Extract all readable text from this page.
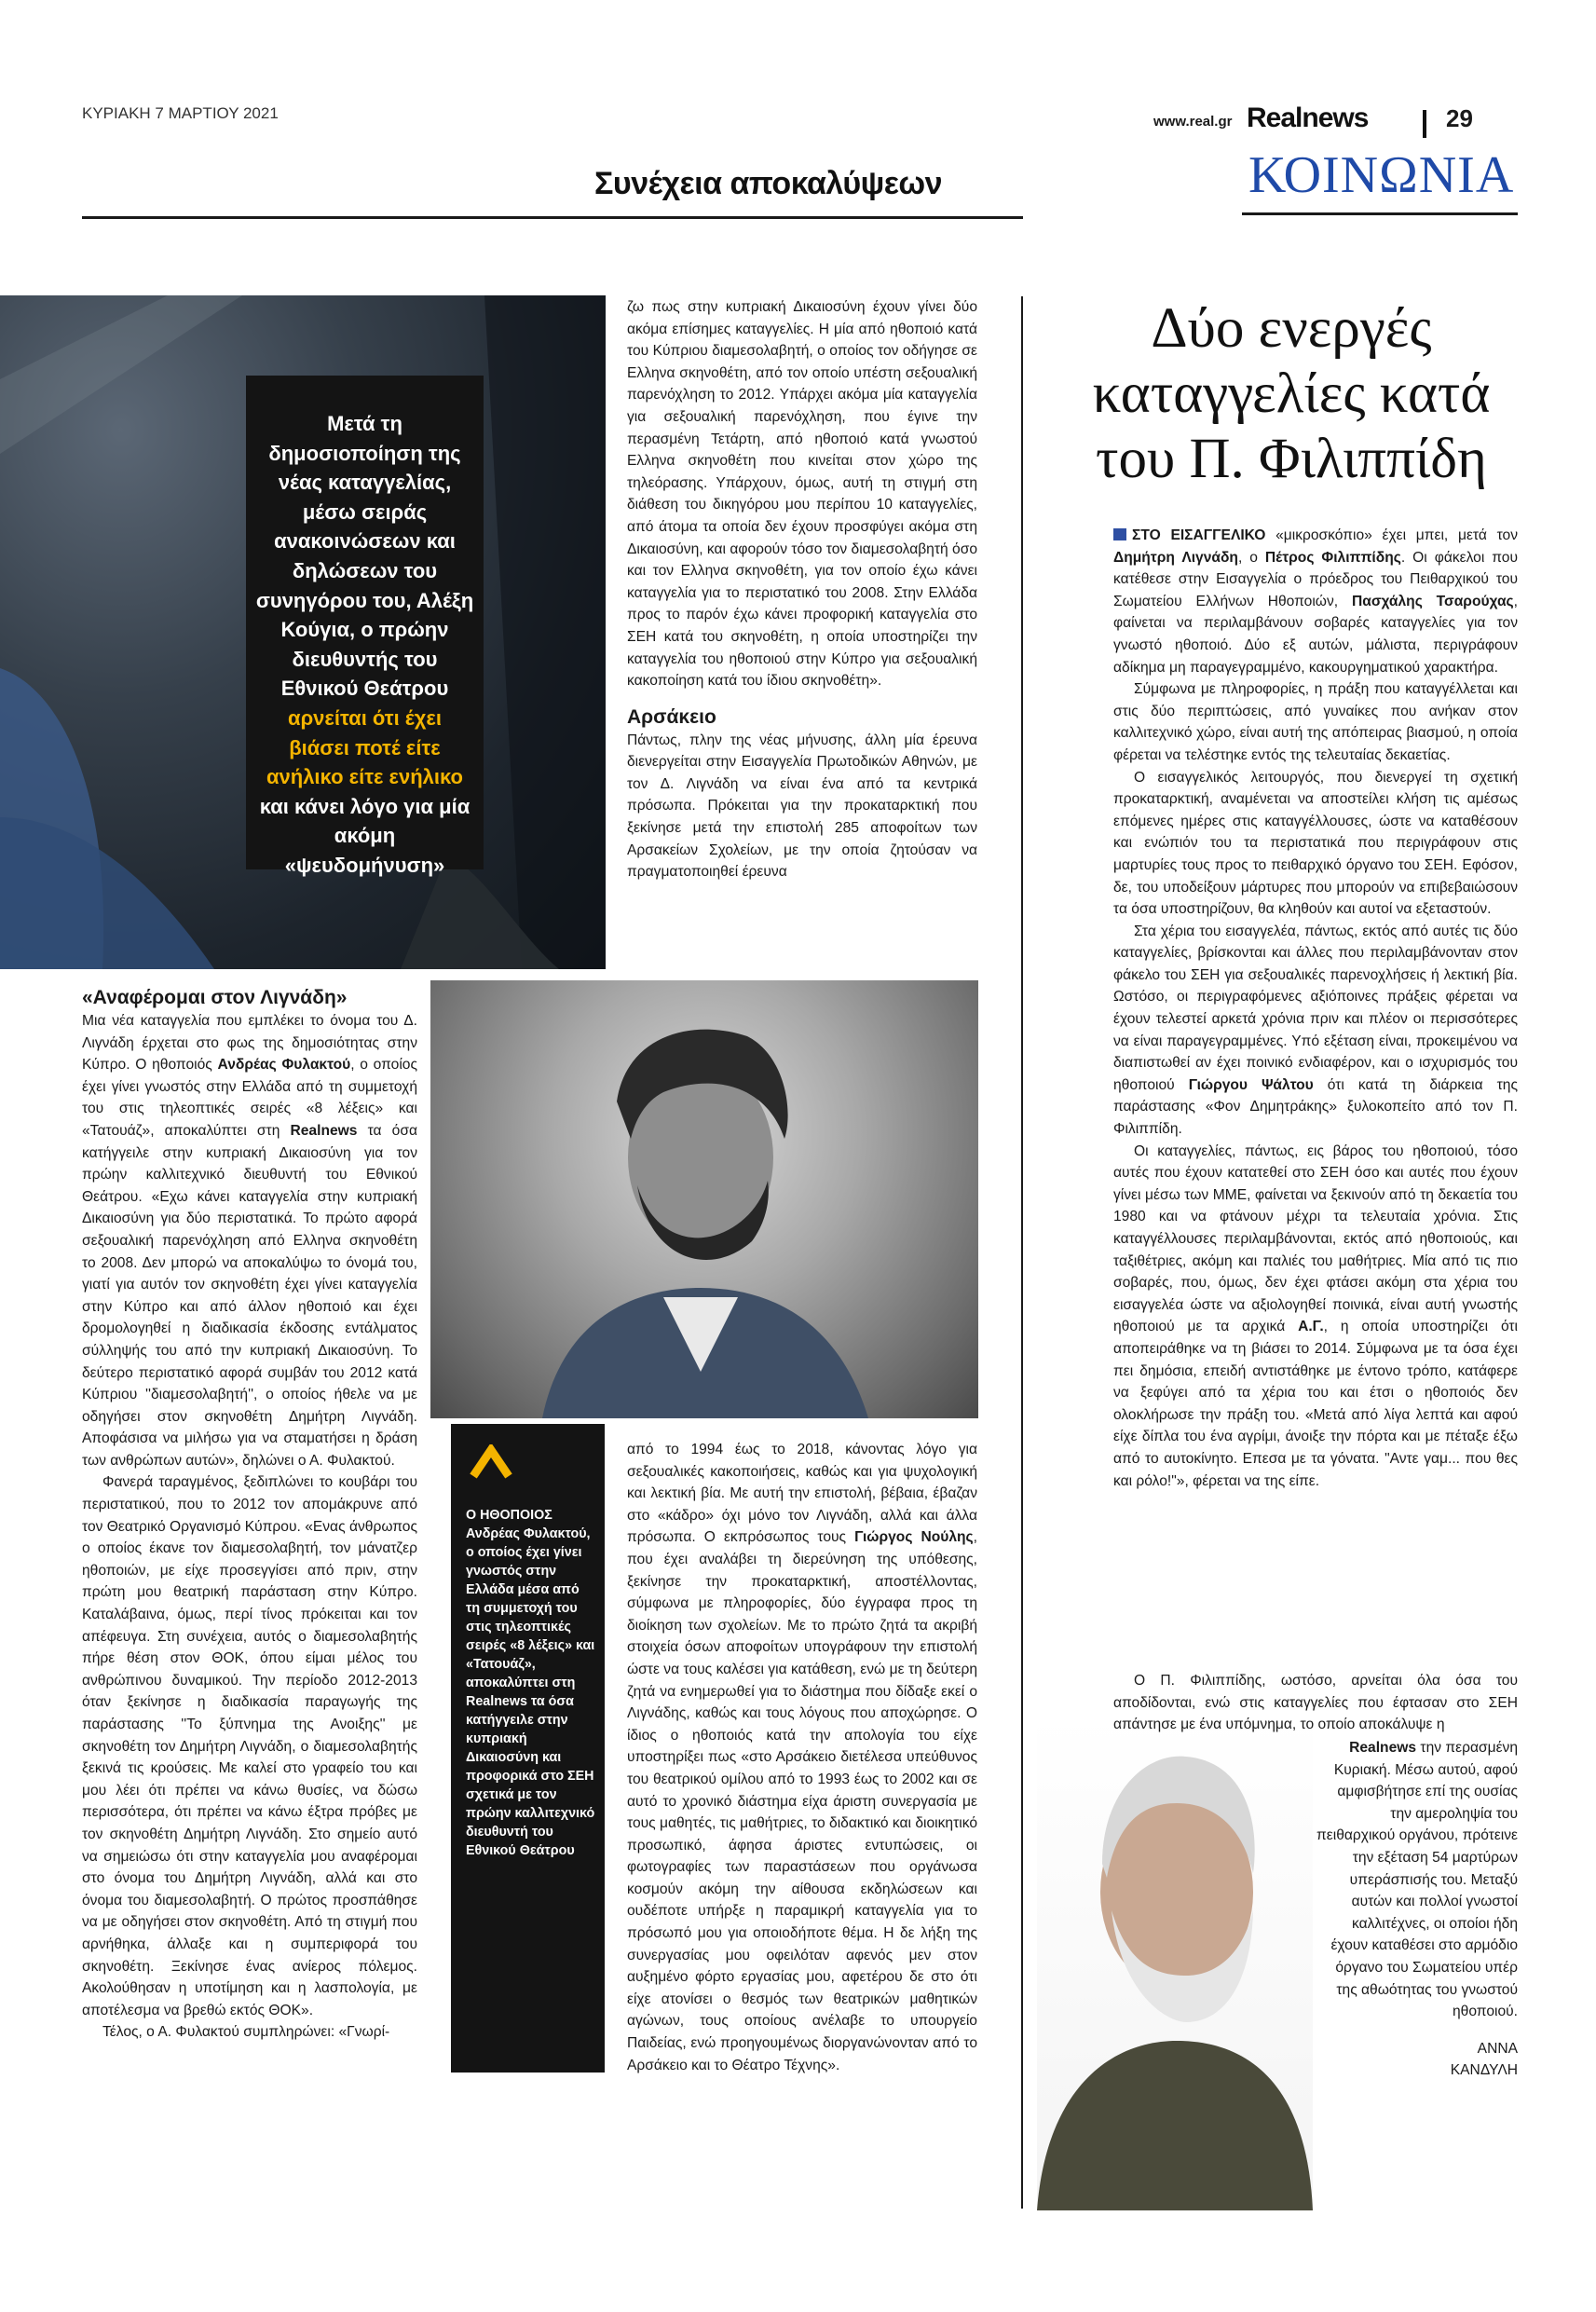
ΚΥΡΙΑΚΗ 7 ΜΑΡΤΙΟΥ 2021	www.real.gr Realnews	29
Συνέχεια αποκαλύψεων	ΚΟΙΝΩΝΙΑ
Μετά τη δημοσιοποίηση της νέας καταγγελίας, μέσω σειράς ανακοινώσεων και δηλώσεων του συνηγόρου του, Αλέξη Κούγια, ο πρώην διευθυντής του Εθνικού Θεάτρου αρνείται ότι έχει βιάσει ποτέ είτε ανήλικο είτε ενήλικο και κάνει λόγο για μία ακόμη «ψευδομήνυση»

ζω πως στην κυπριακή Δικαιοσύνη έχουν γίνει δύο ακόμα επίσημες καταγγελίες. Η μία από ηθοποιό κατά του Κύπριου διαμεσολαβητή, ο οποίος τον οδήγησε σε Ελληνα σκηνοθέτη, από τον οποίο υπέστη σεξουαλική παρενόχληση το 2012. Υπάρχει ακόμα μία καταγγελία για σεξουαλική παρενόχληση, που έγινε την περασμένη Τετάρτη, από ηθοποιό κατά γνωστού Ελληνα σκηνοθέτη που κινείται στον χώρο της τηλεόρασης. Υπάρχουν, όμως, αυτή τη στιγμή στη διάθεση του δικηγόρου μου περίπου 10 καταγγελίες, από άτομα τα οποία δεν έχουν προσφύγει ακόμα στη Δικαιοσύνη, και αφορούν τόσο τον διαμεσολαβητή όσο και τον Ελληνα σκηνοθέτη, για τον οποίο έχω κάνει καταγγελία για το περιστατικό του 2008. Στην Ελλάδα προς το παρόν έχω κάνει προφορική καταγγελία στο ΣΕΗ κατά του σκηνοθέτη, η οποία υποστηρίζει την καταγγελία του ηθοποιού στην Κύπρο για σεξουαλική κακοποίηση κατά του ίδιου σκηνοθέτη».

Αρσάκειο

Πάντως, πλην της νέας μήνυσης, άλλη μία έρευνα διενεργείται στην Εισαγγελία Πρωτοδικών Αθηνών, με τον Δ. Λιγνάδη να είναι ένα από τα κεντρικά πρόσωπα. Πρόκειται για την προκαταρκτική που ξεκίνησε μετά την επιστολή 285 αποφοίτων των Αρσακείων Σχολείων, με την οποία ζητούσαν να πραγματοποιηθεί έρευνα

«Αναφέρομαι στον Λιγνάδη»

Μια νέα καταγγελία που εμπλέκει το όνομα του Δ. Λιγνάδη έρχεται στο φως της δημοσιότητας στην Κύπρο. Ο ηθοποιός Ανδρέας Φυλακτού, ο οποίος έχει γίνει γνωστός στην Ελλάδα από τη συμμετοχή του στις τηλεοπτικές σειρές «8 λέξεις» και «Τατουάζ», αποκαλύπτει στη Realnews τα όσα κατήγγειλε στην κυπριακή Δικαιοσύνη για τον πρώην καλλιτεχνικό διευθυντή του Εθνικού Θεάτρου. «Εχω κάνει καταγγελία στην κυπριακή Δικαιοσύνη για δύο περιστατικά. Το πρώτο αφορά σεξουαλική παρενόχληση από Ελληνα σκηνοθέτη το 2008. Δεν μπορώ να αποκαλύψω το όνομά του, γιατί για αυτόν τον σκηνοθέτη έχει γίνει καταγγελία στην Κύπρο και από άλλον ηθοποιό και έχει δρομολογηθεί η διαδικασία έκδοσης εντάλματος σύλληψής του από την κυπριακή Δικαιοσύνη. Το δεύτερο περιστατικό αφορά συμβάν του 2012 κατά Κύπριου ''διαμεσολαβητή'', ο οποίος ήθελε να με οδηγήσει στον σκηνοθέτη Δημήτρη Λιγνάδη. Αποφάσισα να μιλήσω για να σταματήσει η δράση των ανθρώπων αυτών», δηλώνει ο Α. Φυλακτού.

Φανερά ταραγμένος, ξεδιπλώνει το κουβάρι του περιστατικού, που το 2012 τον απομάκρυνε από τον Θεατρικό Οργανισμό Κύπρου. «Ενας άνθρωπος ο οποίος έκανε τον διαμεσολαβητή, τον μάνατζερ ηθοποιών, με είχε προσεγγίσει από πριν, στην πρώτη μου θεατρική παράσταση στην Κύπρο. Καταλάβαινα, όμως, περί τίνος πρόκειται και τον απέφευγα. Στη συνέχεια, αυτός ο διαμεσολαβητής πήρε θέση στον ΘΟΚ, όπου είμαι μέλος του ανθρώπινου δυναμικού. Την περίοδο 2012-2013 όταν ξεκίνησε η διαδικασία παραγωγής της παράστασης ''Το ξύπνημα της Ανοιξης'' με σκηνοθέτη τον Δημήτρη Λιγνάδη, ο διαμεσολαβητής ξεκινά τις κρούσεις. Με καλεί στο γραφείο του και μου λέει ότι πρέπει να κάνω θυσίες, να δώσω περισσότερα, ότι πρέπει να κάνω έξτρα πρόβες με τον σκηνοθέτη Δημήτρη Λιγνάδη. Στο σημείο αυτό να σημειώσω ότι στην καταγγελία μου αναφέρομαι στο όνομα του Δημήτρη Λιγνάδη, αλλά και στο όνομα του διαμεσολαβητή. Ο πρώτος προσπάθησε να με οδηγήσει στον σκηνοθέτη. Από τη στιγμή που αρνήθηκα, άλλαξε και η συμπεριφορά του σκηνοθέτη. Ξεκίνησε ένας ανίερος πόλεμος. Ακολούθησαν η υποτίμηση και η λασπολογία, με αποτέλεσμα να βρεθώ εκτός ΘΟΚ».

Τέλος, ο Α. Φυλακτού συμπληρώνει: «Γνωρί-

Ο ΗΘΟΠΟΙΟΣ
Ανδρέας Φυλακτού, ο οποίος έχει γίνει γνωστός στην Ελλάδα μέσα από τη συμμετοχή του στις τηλεοπτικές σειρές «8 λέξεις» και «Τατουάζ», αποκαλύπτει στη Realnews τα όσα κατήγγειλε στην κυπριακή Δικαιοσύνη και προφορικά στο ΣΕΗ σχετικά με τον πρώην καλλιτεχνικό διευθυντή του Εθνικού Θεάτρου

από το 1994 έως το 2018, κάνοντας λόγο για σεξουαλικές κακοποιήσεις, καθώς και για ψυχολογική και λεκτική βία. Με αυτή την επιστολή, βέβαια, έβαζαν στο «κάδρο» όχι μόνο τον Λιγνάδη, αλλά και άλλα πρόσωπα. Ο εκπρόσωπος τους Γιώργος Νούλης, που έχει αναλάβει τη διερεύνηση της υπόθεσης, ξεκίνησε την προκαταρκτική, αποστέλλοντας, σύμφωνα με πληροφορίες, δύο έγγραφα προς τη διοίκηση των σχολείων. Με το πρώτο ζητά τα ακριβή στοιχεία όσων αποφοίτων υπογράφουν την επιστολή ώστε να τους καλέσει για κατάθεση, ενώ με τη δεύτερη ζητά να ενημερωθεί για το διάστημα που δίδαξε εκεί ο Λιγνάδης, καθώς και τους λόγους που αποχώρησε. Ο ίδιος ο ηθοποιός κατά την απολογία του είχε υποστηρίξει πως «στο Αρσάκειο διετέλεσα υπεύθυνος του θεατρικού ομίλου από το 1993 έως το 2002 και σε αυτό το χρονικό διάστημα είχα άριστη συνεργασία με τους μαθητές, τις μαθήτριες, το διδακτικό και διοικητικό προσωπικό, άφησα άριστες εντυπώσεις, οι φωτογραφίες των παραστάσεων που οργάνωσα κοσμούν ακόμη την αίθουσα εκδηλώσεων και ουδέποτε υπήρξε η παραμικρή καταγγελία για το πρόσωπό μου για οποιοδήποτε θέμα. Η δε λήξη της συνεργασίας μου οφειλόταν αφενός μεν στον αυξημένο φόρτο εργασίας μου, αφετέρου δε στο ότι είχε ατονίσει ο θεσμός των θεατρικών μαθητικών αγώνων, τους οποίους ανέλαβε το υπουργείο Παιδείας, ενώ προηγουμένως διοργανώνονταν από το Αρσάκειο και το Θέατρο Τέχνης».

Δύο ενεργές καταγγελίες κατά του Π. Φιλιππίδη

ΣΤΟ ΕΙΣΑΓΓΕΛΙΚΟ «μικροσκόπιο» έχει μπει, μετά τον Δημήτρη Λιγνάδη, ο Πέτρος Φιλιππίδης. Οι φάκελοι που κατέθεσε στην Εισαγγελία ο πρόεδρος του Πειθαρχικού του Σωματείου Ελλήνων Ηθοποιών, Πασχάλης Τσαρούχας, φαίνεται να περιλαμβάνουν σοβαρές καταγγελίες για τον γνωστό ηθοποιό. Δύο εξ αυτών, μάλιστα, περιγράφουν αδίκημα μη παραγεγραμμένο, κακουργηματικού χαρακτήρα.

Σύμφωνα με πληροφορίες, η πράξη που καταγγέλλεται και στις δύο περιπτώσεις, από γυναίκες που ανήκαν στον καλλιτεχνικό χώρο, είναι αυτή της απόπειρας βιασμού, η οποία φέρεται να τελέστηκε εντός της τελευταίας δεκαετίας.

Ο εισαγγελικός λειτουργός, που διενεργεί τη σχετική προκαταρκτική, αναμένεται να αποστείλει κλήση τις αμέσως επόμενες ημέρες στις καταγγέλλουσες, ώστε να καταθέσουν και ενώπιόν του τα περιστατικά που περιγράφουν στις μαρτυρίες τους προς το πειθαρχικό όργανο του ΣΕΗ. Εφόσον, δε, του υποδείξουν μάρτυρες που μπορούν να επιβεβαιώσουν τα όσα υποστηρίζουν, θα κληθούν και αυτοί να εξεταστούν.

Στα χέρια του εισαγγελέα, πάντως, εκτός από αυτές τις δύο καταγγελίες, βρίσκονται και άλλες που περιλαμβάνονταν στον φάκελο του ΣΕΗ για σεξουαλικές παρενοχλήσεις ή λεκτική βία. Ωστόσο, οι περιγραφόμενες αξιόποινες πράξεις φέρεται να έχουν τελεστεί αρκετά χρόνια πριν και πλέον οι περισσότερες να είναι παραγεγραμμένες. Υπό εξέταση είναι, προκειμένου να διαπιστωθεί αν έχει ποινικό ενδιαφέρον, και ο ισχυρισμός του ηθοποιού Γιώργου Ψάλτου ότι κατά τη διάρκεια της παράστασης «Φον Δημητράκης» ξυλοκοπείτο από τον Π. Φιλιππίδη.

Οι καταγγελίες, πάντως, εις βάρος του ηθοποιού, τόσο αυτές που έχουν κατατεθεί στο ΣΕΗ όσο και αυτές που έχουν γίνει μέσω των ΜΜΕ, φαίνεται να ξεκινούν από τη δεκαετία του 1980 και να φτάνουν μέχρι τα τελευταία χρόνια. Στις καταγγέλλουσες περιλαμβάνονται, εκτός από ηθοποιούς, και ταξιθέτριες, ακόμη και παλιές του μαθήτριες. Μία από τις πιο σοβαρές, που, όμως, δεν έχει φτάσει ακόμη στα χέρια του εισαγγελέα ώστε να αξιολογηθεί ποινικά, είναι αυτή γνωστής ηθοποιού με τα αρχικά Α.Γ., η οποία υποστηρίζει ότι αποπειράθηκε να τη βιάσει το 2014. Σύμφωνα με τα όσα έχει πει δημόσια, επειδή αντιστάθηκε με έντονο τρόπο, κατάφερε να ξεφύγει από τα χέρια του και έτσι ο ηθοποιός δεν ολοκλήρωσε την πράξη του. «Μετά από λίγα λεπτά και αφού είχε δίπλα του ένα αγρίμι, άνοιξε την πόρτα και με πέταξε έξω από το αυτοκίνητο. Επεσα με τα γόνατα. "Αντε γαμ... που θες και ρόλο!"», φέρεται να της είπε.

Ο Π. Φιλιππίδης, ωστόσο, αρνείται όλα όσα του αποδίδονται, ενώ στις καταγγελίες που έφτασαν στο ΣΕΗ απάντησε με ένα υπόμνημα, το οποίο αποκάλυψε η

Realnews την περασμένη Κυριακή. Μέσω αυτού, αφού αμφισβήτησε επί της ουσίας την αμεροληψία του πειθαρχικού οργάνου, πρότεινε την εξέταση 54 μαρτύρων υπεράσπισής του. Μεταξύ αυτών και πολλοί γνωστοί καλλιτέχνες, οι οποίοι ήδη έχουν καταθέσει στο αρμόδιο όργανο του Σωματείου υπέρ της αθωότητας του γνωστού ηθοποιού.

ΑΝΝΑ
ΚΑΝΔΥΛΗ
